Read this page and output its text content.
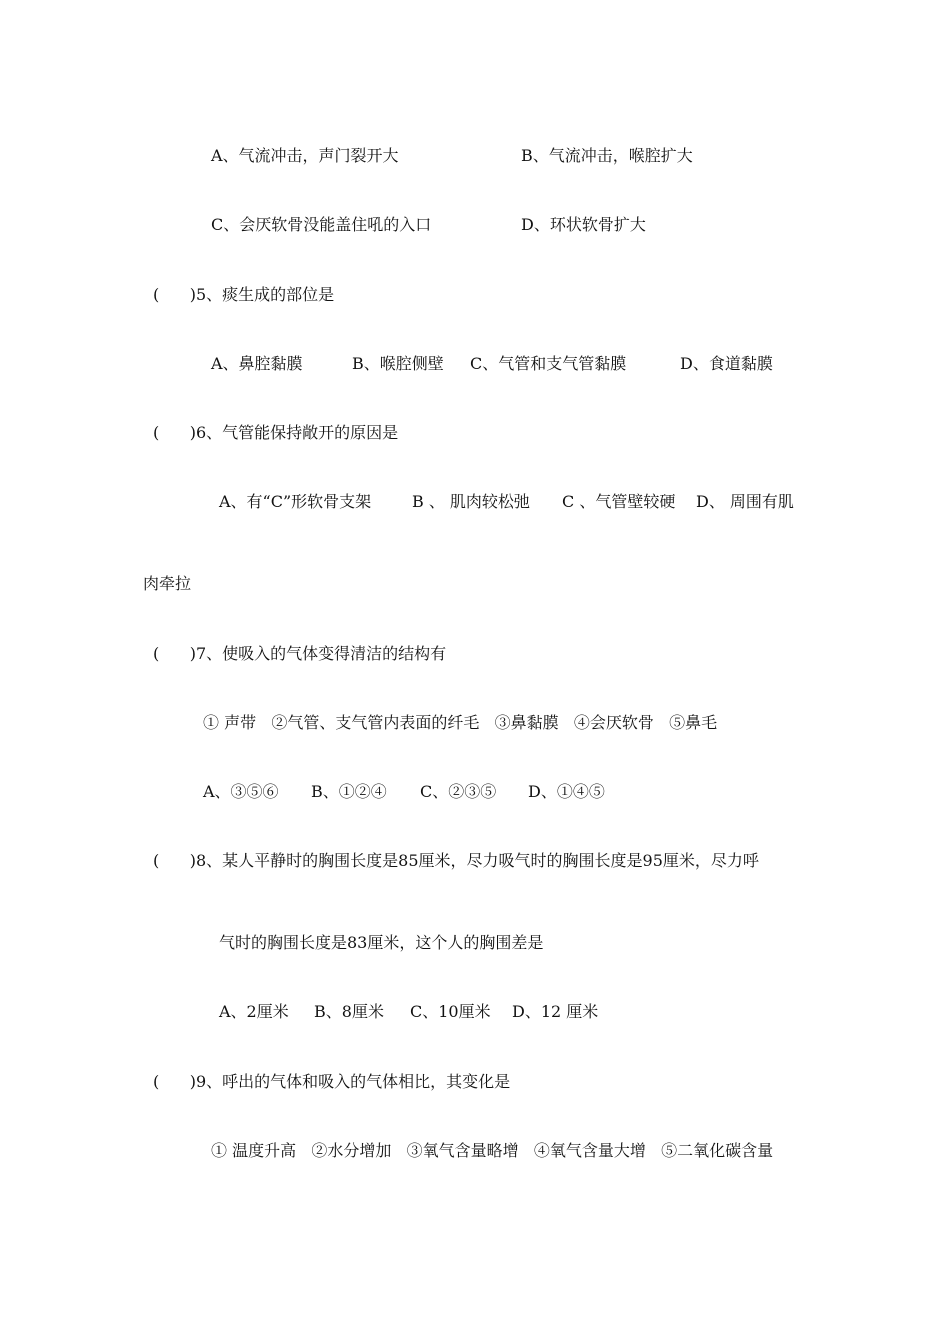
A、气流冲击，声门裂开大	B、气流冲击，喉腔扩大
C、会厌软骨没能盖住吼的入口	D、环状软骨扩大
(      )5、痰生成的部位是
A、鼻腔黏膜	B、喉腔侧壁 C、气管和支气管黏膜	D、食道黏膜
(      )6、气管能保持敞开的原因是
A、有“C”形软骨支架	B 、 肌肉较松弛 C 、气管壁较硬 D、 周围有肌
肉牵拉
(      )7、使吸入的气体变得清洁的结构有
① 声带   ②气管、支气管内表面的纤毛   ③鼻黏膜   ④会厌软骨   ⑤鼻毛
A、③⑤⑥ B、①②④ C、②③⑤ D、①④⑤
(      )8、某人平静时的胸围长度是85厘米，尽力吸气时的胸围长度是95厘米，尽力呼
气时的胸围长度是83厘米，这个人的胸围差是
A、2厘米 B、8厘米 C、10厘米 D、12 厘米
(      )9、呼出的气体和吸入的气体相比，其变化是
① 温度升高   ②水分增加   ③氧气含量略增   ④氧气含量大增   ⑤二氧化碳含量
